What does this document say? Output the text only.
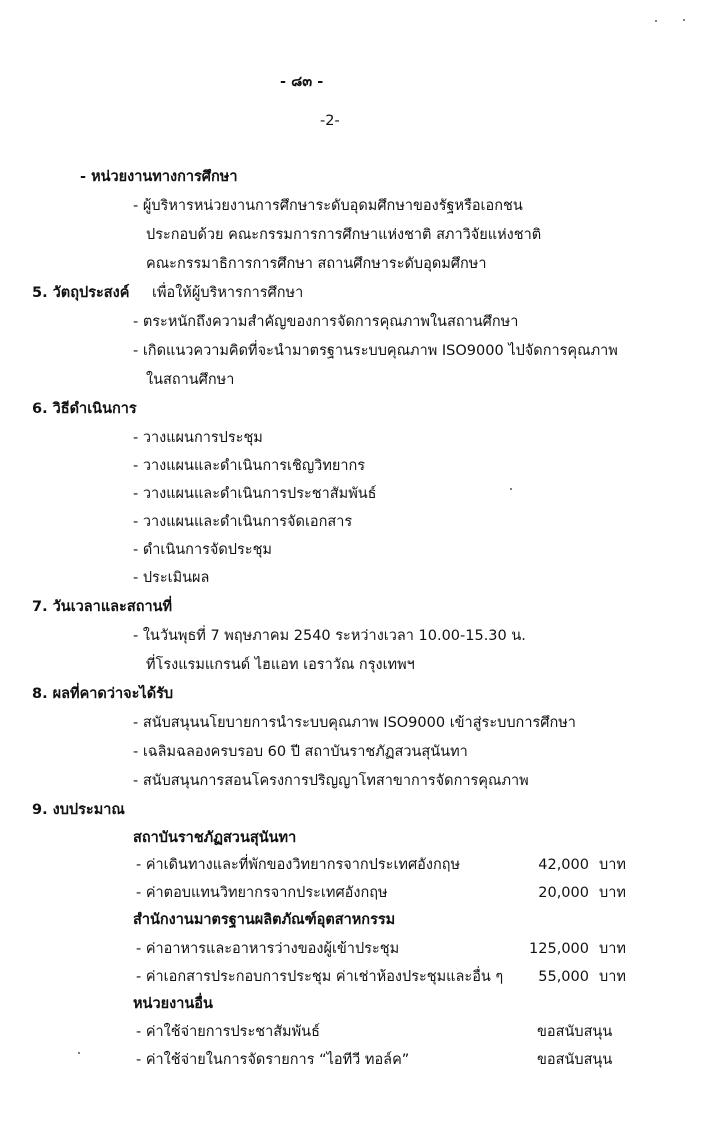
- ๘๓ -
-2-
- หน่วยงานทางการศึกษา
- ผู้บริหารหน่วยงานการศึกษาระดับอุดมศึกษาของรัฐหรือเอกชน
ประกอบด้วย คณะกรรมการการศึกษาแห่งชาติ สภาวิจัยแห่งชาติ
คณะกรรมาธิการการศึกษา สถานศึกษาระดับอุดมศึกษา
5. วัตถุประสงค์ เพื่อให้ผู้บริหารการศึกษา
- ตระหนักถึงความสำคัญของการจัดการคุณภาพในสถานศึกษา
- เกิดแนวความคิดที่จะนำมาตรฐานระบบคุณภาพ ISO9000 ไปจัดการคุณภาพ
ในสถานศึกษา
6. วิธีดำเนินการ
- วางแผนการประชุม
- วางแผนและดำเนินการเชิญวิทยากร
- วางแผนและดำเนินการประชาสัมพันธ์
- วางแผนและดำเนินการจัดเอกสาร
- ดำเนินการจัดประชุม
- ประเมินผล
7. วันเวลาและสถานที่
- ในวันพุธที่ 7 พฤษภาคม 2540 ระหว่างเวลา 10.00-15.30 น.
ที่โรงแรมแกรนด์ ไฮแอท เอราวัณ กรุงเทพฯ
8. ผลที่คาดว่าจะได้รับ
- สนับสนุนนโยบายการนำระบบคุณภาพ ISO9000 เข้าสู่ระบบการศึกษา
- เฉลิมฉลองครบรอบ 60 ปี สถาบันราชภัฏสวนสุนันทา
- สนับสนุนการสอนโครงการปริญญาโทสาขาการจัดการคุณภาพ
9. งบประมาณ
สถาบันราชภัฏสวนสุนันทา
- ค่าเดินทางและที่พักของวิทยากรจากประเทศอังกฤษ	42,000 บาท
- ค่าตอบแทนวิทยากรจากประเทศอังกฤษ	20,000 บาท
สำนักงานมาตรฐานผลิตภัณฑ์อุตสาหกรรม
- ค่าอาหารและอาหารว่างของผู้เข้าประชุม	125,000 บาท
- ค่าเอกสารประกอบการประชุม ค่าเช่าห้องประชุมและอื่น ๆ	55,000 บาท
หน่วยงานอื่น
- ค่าใช้จ่ายการประชาสัมพันธ์	ขอสนับสนุน
- ค่าใช้จ่ายในการจัดรายการ “ไอทีวี ทอล์ค”	ขอสนับสนุน
